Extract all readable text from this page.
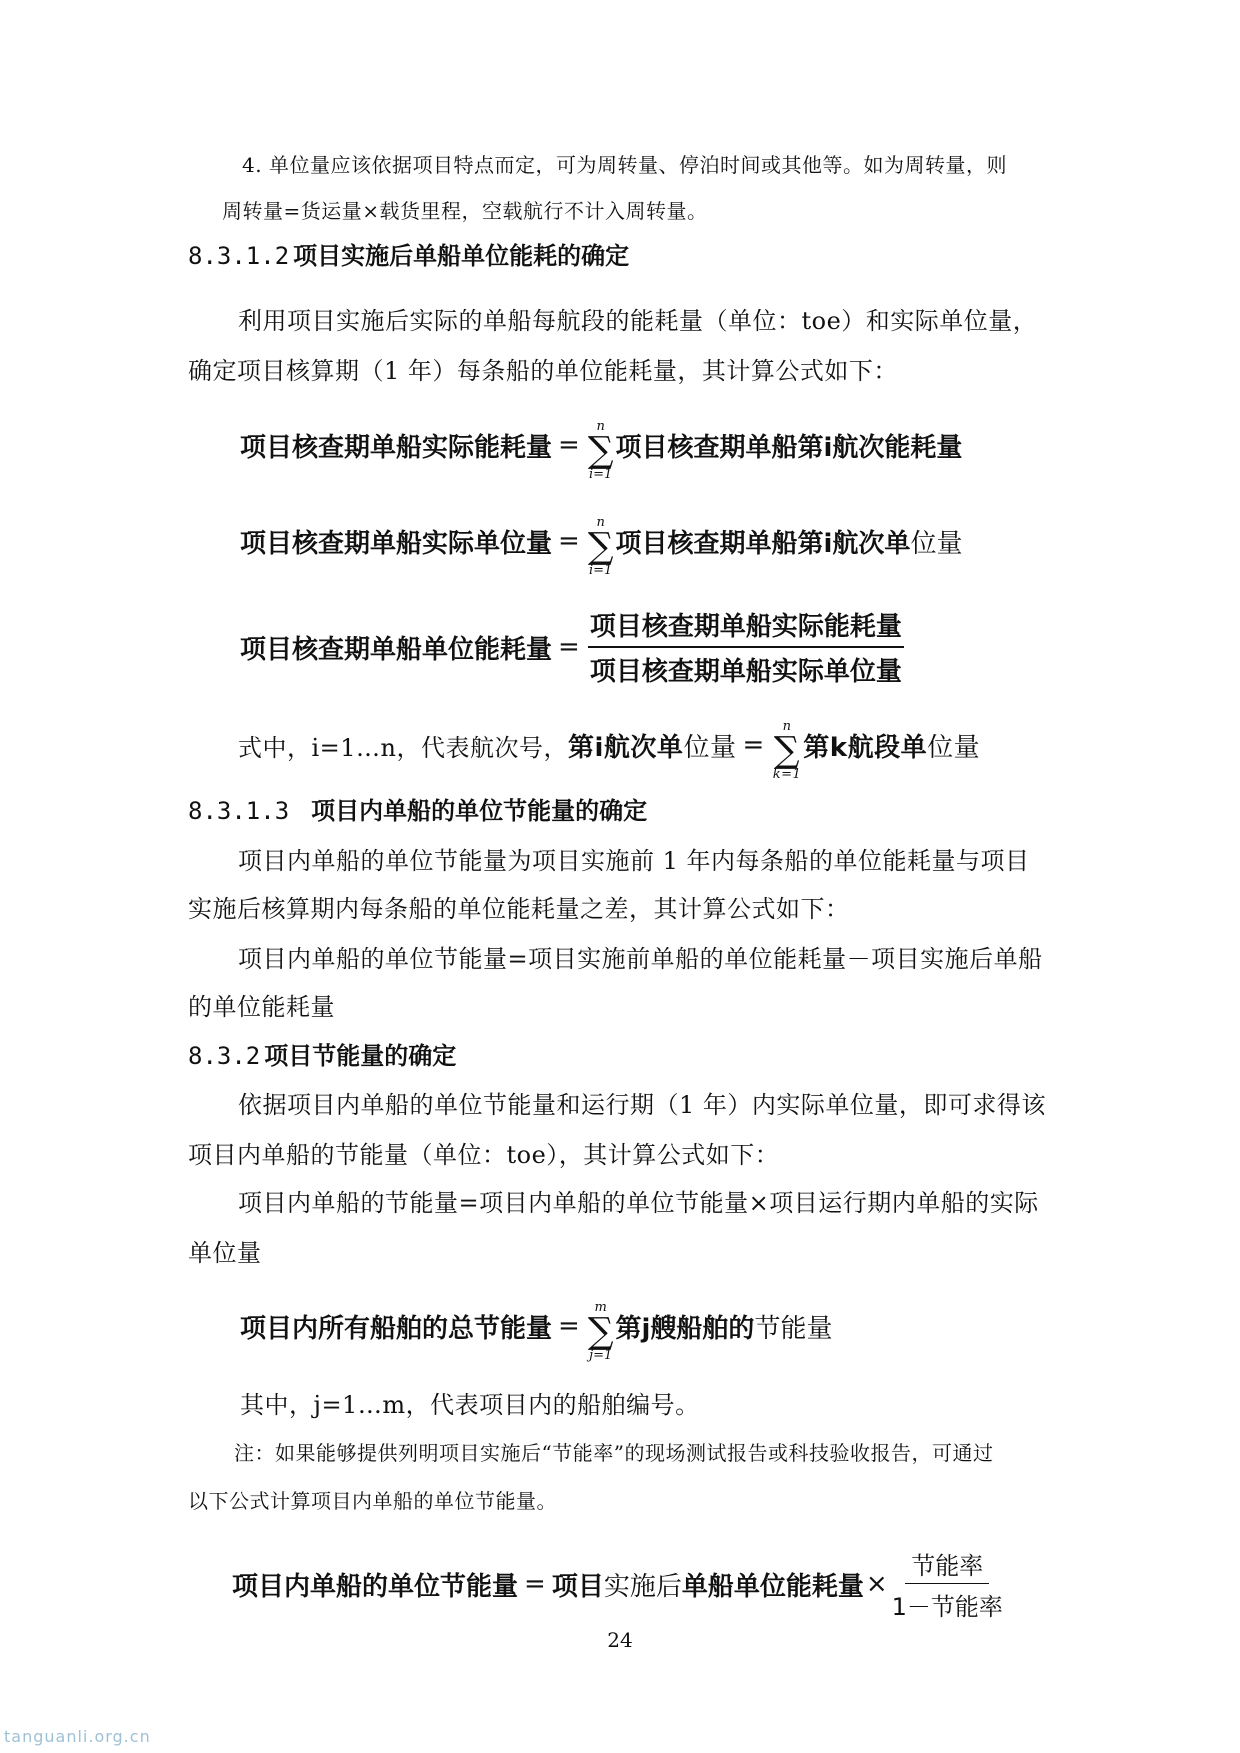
4. 单位量应该依据项目特点而定，可为周转量、停泊时间或其他等。如为周转量，则
周转量=货运量×载货里程，空载航行不计入周转量。
8.3.1.2 项目实施后单船单位能耗的确定
利用项目实施后实际的单船每航段的能耗量（单位：toe）和实际单位量，
确定项目核算期（1 年）每条船的单位能耗量，其计算公式如下：
项目核查期单船实际能耗量 =
n
∑
i=1
项目核查期单船第i航次能耗量
项目核查期单船实际单位量 =
n
∑
i=1
项目核查期单船第i航次单 位量
项目核查期单船单位能耗量 = $\frac{\text{项目核查期单船实际能耗量}}{\text{项目核查期单船实际单位量}}$
式中，i=1…n，代表航次号， 第i航次单位量 =
n
∑
k=1
第k航段单位量
8.3.1.3 项目内单船的单位节能量的确定
项目内单船的单位节能量为项目实施前 1 年内每条船的单位能耗量与项目
实施后核算期内每条船的单位能耗量之差，其计算公式如下：
项目内单船的单位节能量=项目实施前单船的单位能耗量－项目实施后单船
的单位能耗量
8.3.2 项目节能量的确定
依据项目内单船的单位节能量和运行期（1 年）内实际单位量，即可求得该
项目内单船的节能量（单位：toe），其计算公式如下：
项目内单船的节能量=项目内单船的单位节能量×项目运行期内单船的实际
单位量
项目内所有船舶的总节能量 =
m
∑
j=1
第j艘船舶的 节能量
其中，j=1…m，代表项目内的船舶编号。
注：如果能够提供列明项目实施后“节能率”的现场测试报告或科技验收报告，可通过
以下公式计算项目内单船的单位节能量。
项目内单船的单位节能量 = 项目 实施后 单船单位能耗量 × $\frac{\text{节能率}}{\text{1－节能率}}$
24
tanguanli.org.cn
